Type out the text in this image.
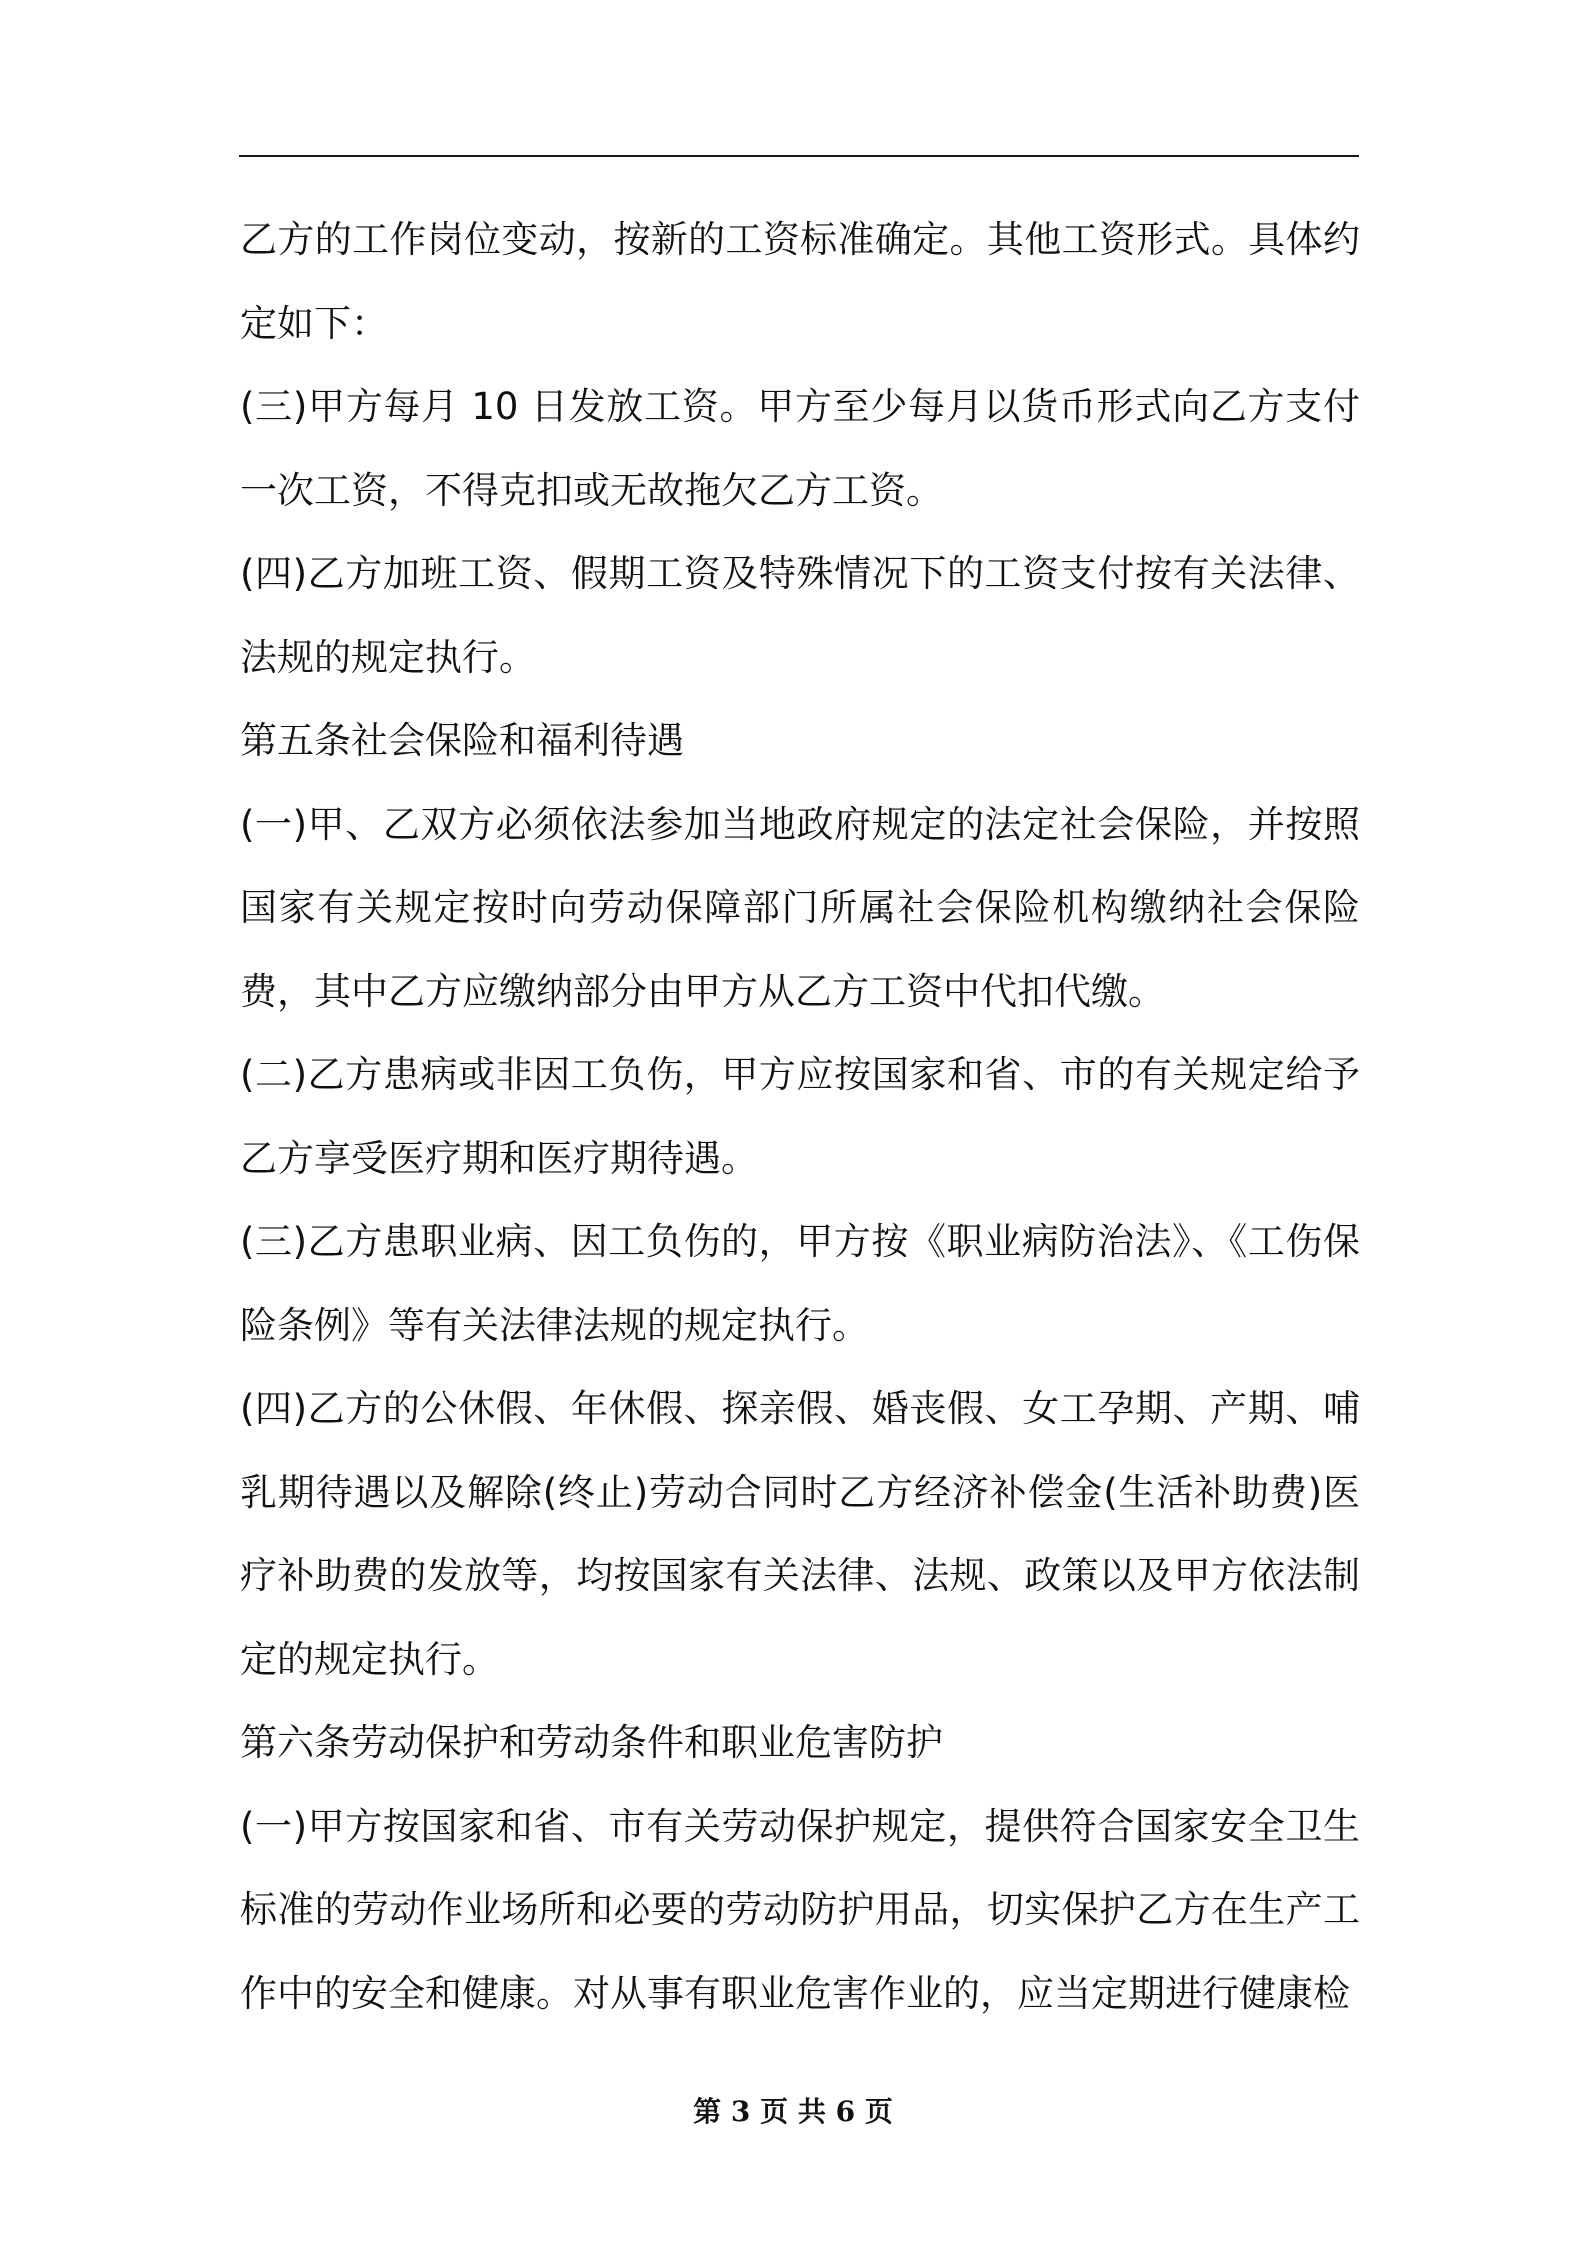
乙方的工作岗位变动，按新的工资标准确定。其他工资形式。具体约定如下：

(三)甲方每月 10 日发放工资。甲方至少每月以货币形式向乙方支付一次工资，不得克扣或无故拖欠乙方工资。

(四)乙方加班工资、假期工资及特殊情况下的工资支付按有关法律、法规的规定执行。

第五条社会保险和福利待遇

(一)甲、乙双方必须依法参加当地政府规定的法定社会保险，并按照国家有关规定按时向劳动保障部门所属社会保险机构缴纳社会保险费，其中乙方应缴纳部分由甲方从乙方工资中代扣代缴。

(二)乙方患病或非因工负伤，甲方应按国家和省、市的有关规定给予乙方享受医疗期和医疗期待遇。

(三)乙方患职业病、因工负伤的，甲方按《职业病防治法》、《工伤保险条例》等有关法律法规的规定执行。

(四)乙方的公休假、年休假、探亲假、婚丧假、女工孕期、产期、哺乳期待遇以及解除(终止)劳动合同时乙方经济补偿金(生活补助费)医疗补助费的发放等，均按国家有关法律、法规、政策以及甲方依法制定的规定执行。

第六条劳动保护和劳动条件和职业危害防护

(一)甲方按国家和省、市有关劳动保护规定，提供符合国家安全卫生标准的劳动作业场所和必要的劳动防护用品，切实保护乙方在生产工作中的安全和健康。对从事有职业危害作业的，应当定期进行健康检

第 3 页 共 6 页
